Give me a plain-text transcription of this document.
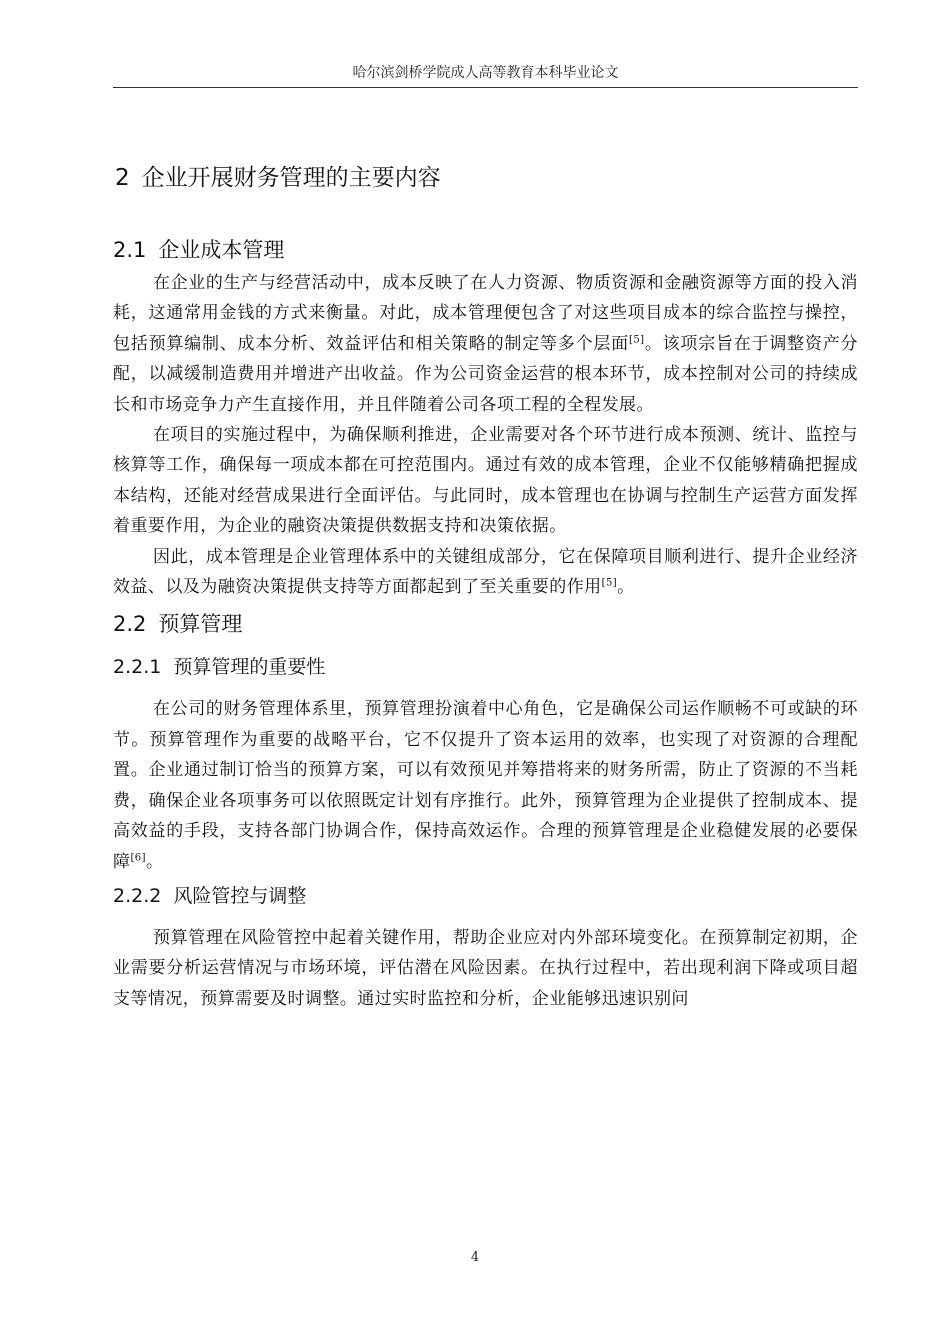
哈尔滨剑桥学院成人高等教育本科毕业论文
2 企业开展财务管理的主要内容
2.1 企业成本管理

在企业的生产与经营活动中，成本反映了在人力资源、物质资源和金融资源等方面的投入消耗，这通常用金钱的方式来衡量。对此，成本管理便包含了对这些项目成本的综合监控与操控，包括预算编制、成本分析、效益评估和相关策略的制定等多个层面[5]。该项宗旨在于调整资产分配，以减缓制造费用并增进产出收益。作为公司资金运营的根本环节，成本控制对公司的持续成长和市场竞争力产生直接作用，并且伴随着公司各项工程的全程发展。

在项目的实施过程中，为确保顺利推进，企业需要对各个环节进行成本预测、统计、监控与核算等工作，确保每一项成本都在可控范围内。通过有效的成本管理，企业不仅能够精确把握成本结构，还能对经营成果进行全面评估。与此同时，成本管理也在协调与控制生产运营方面发挥着重要作用，为企业的融资决策提供数据支持和决策依据。

因此，成本管理是企业管理体系中的关键组成部分，它在保障项目顺利进行、提升企业经济效益、以及为融资决策提供支持等方面都起到了至关重要的作用[5]。

2.2 预算管理
2.2.1 预算管理的重要性

在公司的财务管理体系里，预算管理扮演着中心角色，它是确保公司运作顺畅不可或缺的环节。预算管理作为重要的战略平台，它不仅提升了资本运用的效率，也实现了对资源的合理配置。企业通过制订恰当的预算方案，可以有效预见并筹措将来的财务所需，防止了资源的不当耗费，确保企业各项事务可以依照既定计划有序推行。此外，预算管理为企业提供了控制成本、提高效益的手段，支持各部门协调合作，保持高效运作。合理的预算管理是企业稳健发展的必要保障[6]。

2.2.2 风险管控与调整

预算管理在风险管控中起着关键作用，帮助企业应对内外部环境变化。在预算制定初期，企业需要分析运营情况与市场环境，评估潜在风险因素。在执行过程中，若出现利润下降或项目超支等情况，预算需要及时调整。通过实时监控和分析，企业能够迅速识别问

4
